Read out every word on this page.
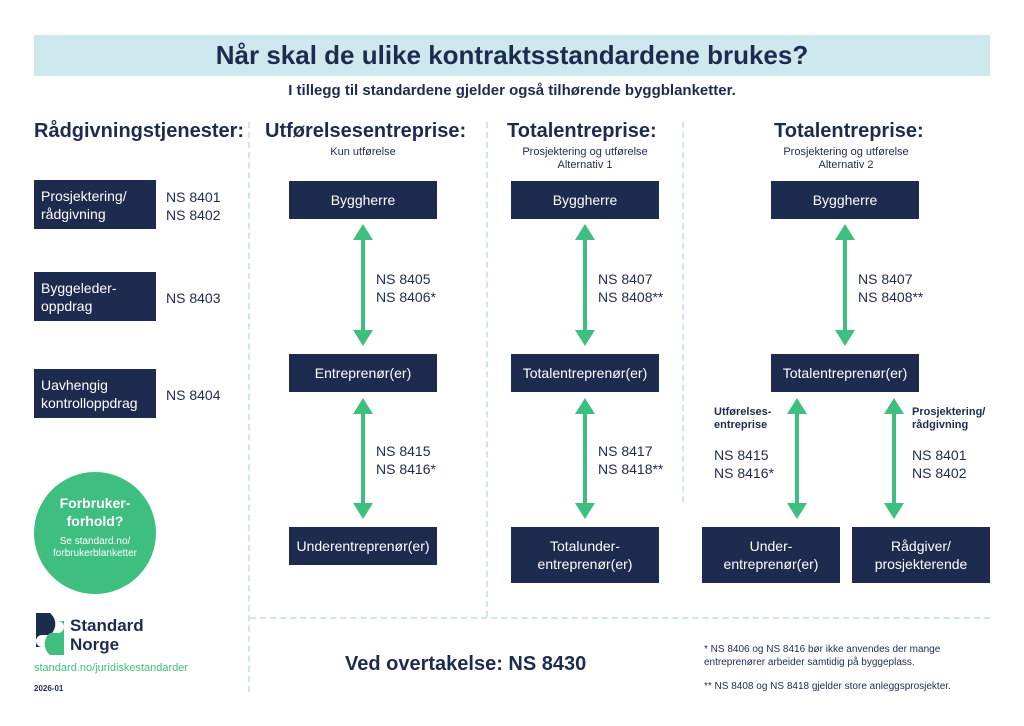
Når skal de ulike kontraktsstandardene brukes?
I tillegg til standardene gjelder også tilhørende byggblanketter.
Rådgivningstjenester:
Prosjektering/
rådgivning
NS 8401
NS 8402
Byggeleder-
oppdrag	NS 8403
Uavhengig
kontrolloppdrag NS 8404
Forbruker-
forhold?
Se standard.no/
forbrukerblanketter
Utførelsesentreprise:
Kun utførelse
Byggherre
Entreprenør(er)
Underentreprenør(er)
NS 8405
NS 8406*
NS 8415
NS 8416*
Totalentreprise:
Prosjektering og utførelse
Alternativ 1
Byggherre
Totalentreprenør(er)
Totalunder-
entreprenør(er)
NS 8407
NS 8408**
NS 8417
NS 8418**
Totalentreprise:
Prosjektering og utførelse
Alternativ 2
Byggherre
Totalentreprenør(er)
NS 8407
NS 8408**
Utførelses-
entreprise
NS 8415
NS 8416*
Prosjektering/
rådgivning
NS 8401
NS 8402
Under-
entreprenør(er)
Rådgiver/
prosjekterende
Standard
Norge
standard.no/juridiskestandarder
2026-01
Ved overtakelse: NS 8430
* NS 8406 og NS 8416 bør ikke anvendes der mange
entreprenører arbeider samtidig på byggeplass.
** NS 8408 og NS 8418 gjelder store anleggsprosjekter.
